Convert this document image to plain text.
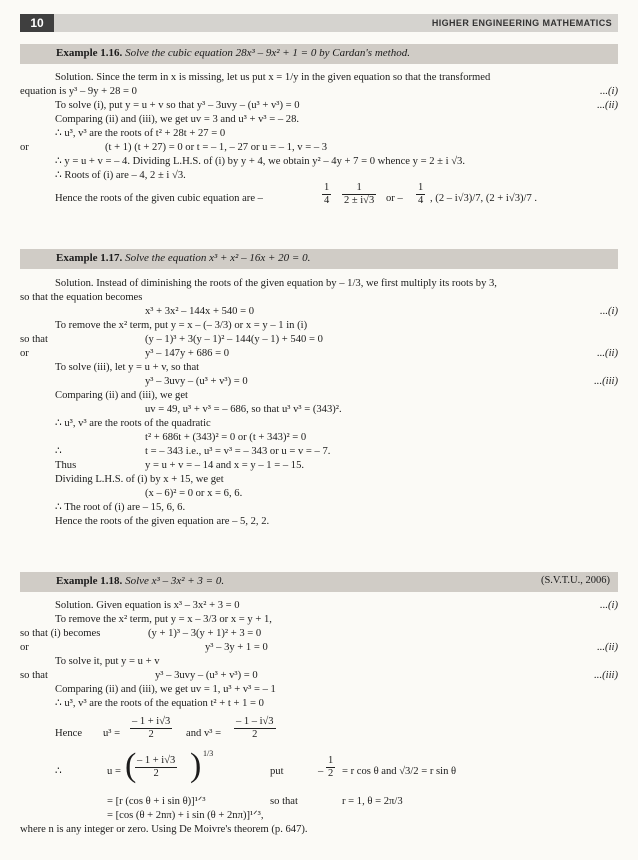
10	HIGHER ENGINEERING MATHEMATICS
Example 1.16. Solve the cubic equation 28x³ – 9x² + 1 = 0 by Cardan's method.
Solution. Since the term in x is missing, let us put x = 1/y in the given equation so that the transformed
equation is y³ – 9y + 28 = 0	...(i)
To solve (i), put y = u + v so that y³ – 3uvy – (u³ + v³) = 0	...(ii)
Comparing (ii) and (iii), we get uv = 3 and u³ + v³ = – 28.
∴ u³, v³ are the roots of t² + 28t + 27 = 0
or	(t + 1) (t + 27) = 0 or t = – 1, – 27 or u = – 1, v = – 3
∴ y = u + v = – 4. Dividing L.H.S. of (i) by y + 4, we obtain y² – 4y + 7 = 0 whence y = 2 ± i √3.
∴ Roots of (i) are – 4, 2 ± i √3.
Hence the roots of the given cubic equation are –	$\frac{1}{4} \frac{1}{2 \pm i√3}$ or – $\frac{1}{4}$ , (2 – i√3)/7, (2 + i√3)/7 .
Example 1.17. Solve the equation x³ + x² – 16x + 20 = 0.
Solution. Instead of diminishing the roots of the given equation by – 1/3, we first multiply its roots by 3,
so that the equation becomes
x³ + 3x² – 144x + 540 = 0	...(i)
To remove the x² term, put y = x – (– 3/3) or x = y – 1 in (i)
so that	(y – 1)³ + 3(y – 1)² – 144(y – 1) + 540 = 0
or	y³ – 147y + 686 = 0	...(ii)
To solve (iii), let y = u + v, so that
y³ – 3uvy – (u³ + v³) = 0	...(iii)
Comparing (ii) and (iii), we get
uv = 49, u³ + v³ = – 686, so that u³ v³ = (343)².
∴ u³, v³ are the roots of the quadratic
t² + 686t + (343)² = 0 or (t + 343)² = 0
∴	t = – 343 i.e., u³ = v³ = – 343 or u = v = – 7.
Thus	y = u + v = – 14 and x = y – 1 = – 15.
Dividing L.H.S. of (i) by x + 15, we get
(x – 6)² = 0 or x = 6, 6.
∴ The root of (i) are – 15, 6, 6.
Hence the roots of the given equation are – 5, 2, 2.
Example 1.18. Solve x³ – 3x² + 3 = 0.	(S.V.T.U., 2006)
Solution. Given equation is x³ – 3x² + 3 = 0	...(i)
To remove the x² term, put y = x – 3/3 or x = y + 1,
so that (i) becomes	(y + 1)³ – 3(y + 1)² + 3 = 0
or	y³ – 3y + 1 = 0	...(ii)
To solve it, put y = u + v
so that	y³ – 3uvy – (u³ + v³) = 0	...(iii)
Comparing (ii) and (iii), we get uv = 1, u³ + v³ = – 1
∴ u³, v³ are the roots of the equation t² + t + 1 = 0
Hence $u^3 = \frac{- 1 + i√3}{2}$ and $v^3 = \frac{- 1 - i√3}{2}$
∴	u = (
$\frac{- 1 + i√3}{2}$ ) 1/3
put	– $\frac{1}{2} = r$ cos θ and √3/2 = r sin θ
= [r (cos θ + i sin θ)]¹ᐟ³	so that	r = 1, θ = 2π/3
= [cos (θ + 2nπ) + i sin (θ + 2nπ)]¹ᐟ³,
where n is any integer or zero. Using De Moivre's theorem (p. 647).
